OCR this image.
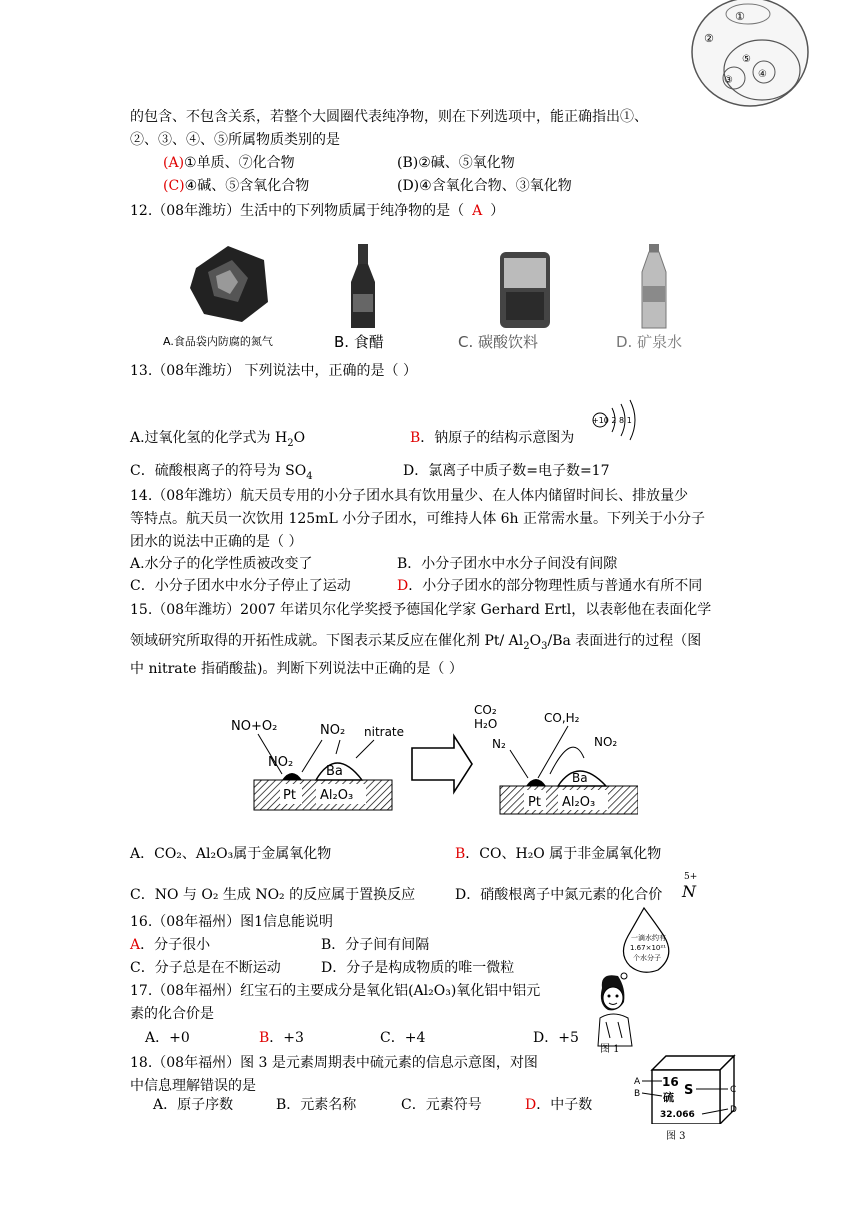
①
②
③
④
⑤
的包含、不包含关系，若整个大圆圈代表纯净物，则在下列选项中，能正确指出①、
②、③、④、⑤所属物质类别的是
(A)①单质、⑦化合物	(B)②碱、⑤氧化物
(C)④碱、⑤含氧化合物	(D)④含氧化合物、③氧化物
12.（08年潍坊）生活中的下列物质属于纯净物的是（ A ）
A.食品袋内防腐的氮气	B. 食醋	C. 碳酸饮料	D. 矿泉水
13.（08年潍坊） 下列说法中，正确的是（ ）
A.过氧化氢的化学式为 $H_2O$	B．钠原子的结构示意图为
+10 2 8 1
C．硫酸根离子的符号为 $SO_4$	D．氯离子中质子数=电子数=17
14.（08年潍坊）航天员专用的小分子团水具有饮用量少、在人体内储留时间长、排放量少
等特点。航天员一次饮用 125mL 小分子团水，可维持人体 6h 正常需水量。下列关于小分子
团水的说法中正确的是（ ）
A.水分子的化学性质被改变了	B．小分子团水中水分子间没有间隙
C．小分子团水中水分子停止了运动	D．小分子团水的部分物理性质与普通水有所不同
15.（08年潍坊）2007 年诺贝尔化学奖授予德国化学家 Gerhard Ertl，以表彰他在表面化学
领域研究所取得的开拓性成就。下图表示某反应在催化剂 Pt/ $Al_2O_3/Ba$ 表面进行的过程（图
中 nitrate 指硝酸盐)。判断下列说法中正确的是（ ）
NO+O₂
NO₂
NO₂ nitrate
Ba
Pt Al₂O₃
CO₂
H₂O
N₂
CO,H₂
NO₂
Ba
Pt Al₂O₃
A．CO₂、Al₂O₃属于金属氧化物	B．CO、H₂O 属于非金属氧化物
C．NO 与 O₂ 生成 NO₂ 的反应属于置换反应	D．硝酸根离子中氮元素的化合价
5+
N
16.（08年福州）图1信息能说明
A．分子很小	B．分子间有间隔
C．分子总是在不断运动	D．分子是构成物质的唯一微粒
一滴水约有
1.67×10²¹
个水分子
图 1
17.（08年福州）红宝石的主要成分是氧化铝(Al₂O₃)氧化铝中铝元
素的化合价是
A．+0	B．+3	C．+4	D．+5
18.（08年福州）图 3 是元素周期表中硫元素的信息示意图，对图
中信息理解错误的是
A．原子序数	B．元素名称	C．元素符号	D．中子数
16
S
硫
32.066
A
B	C
D
图 3
